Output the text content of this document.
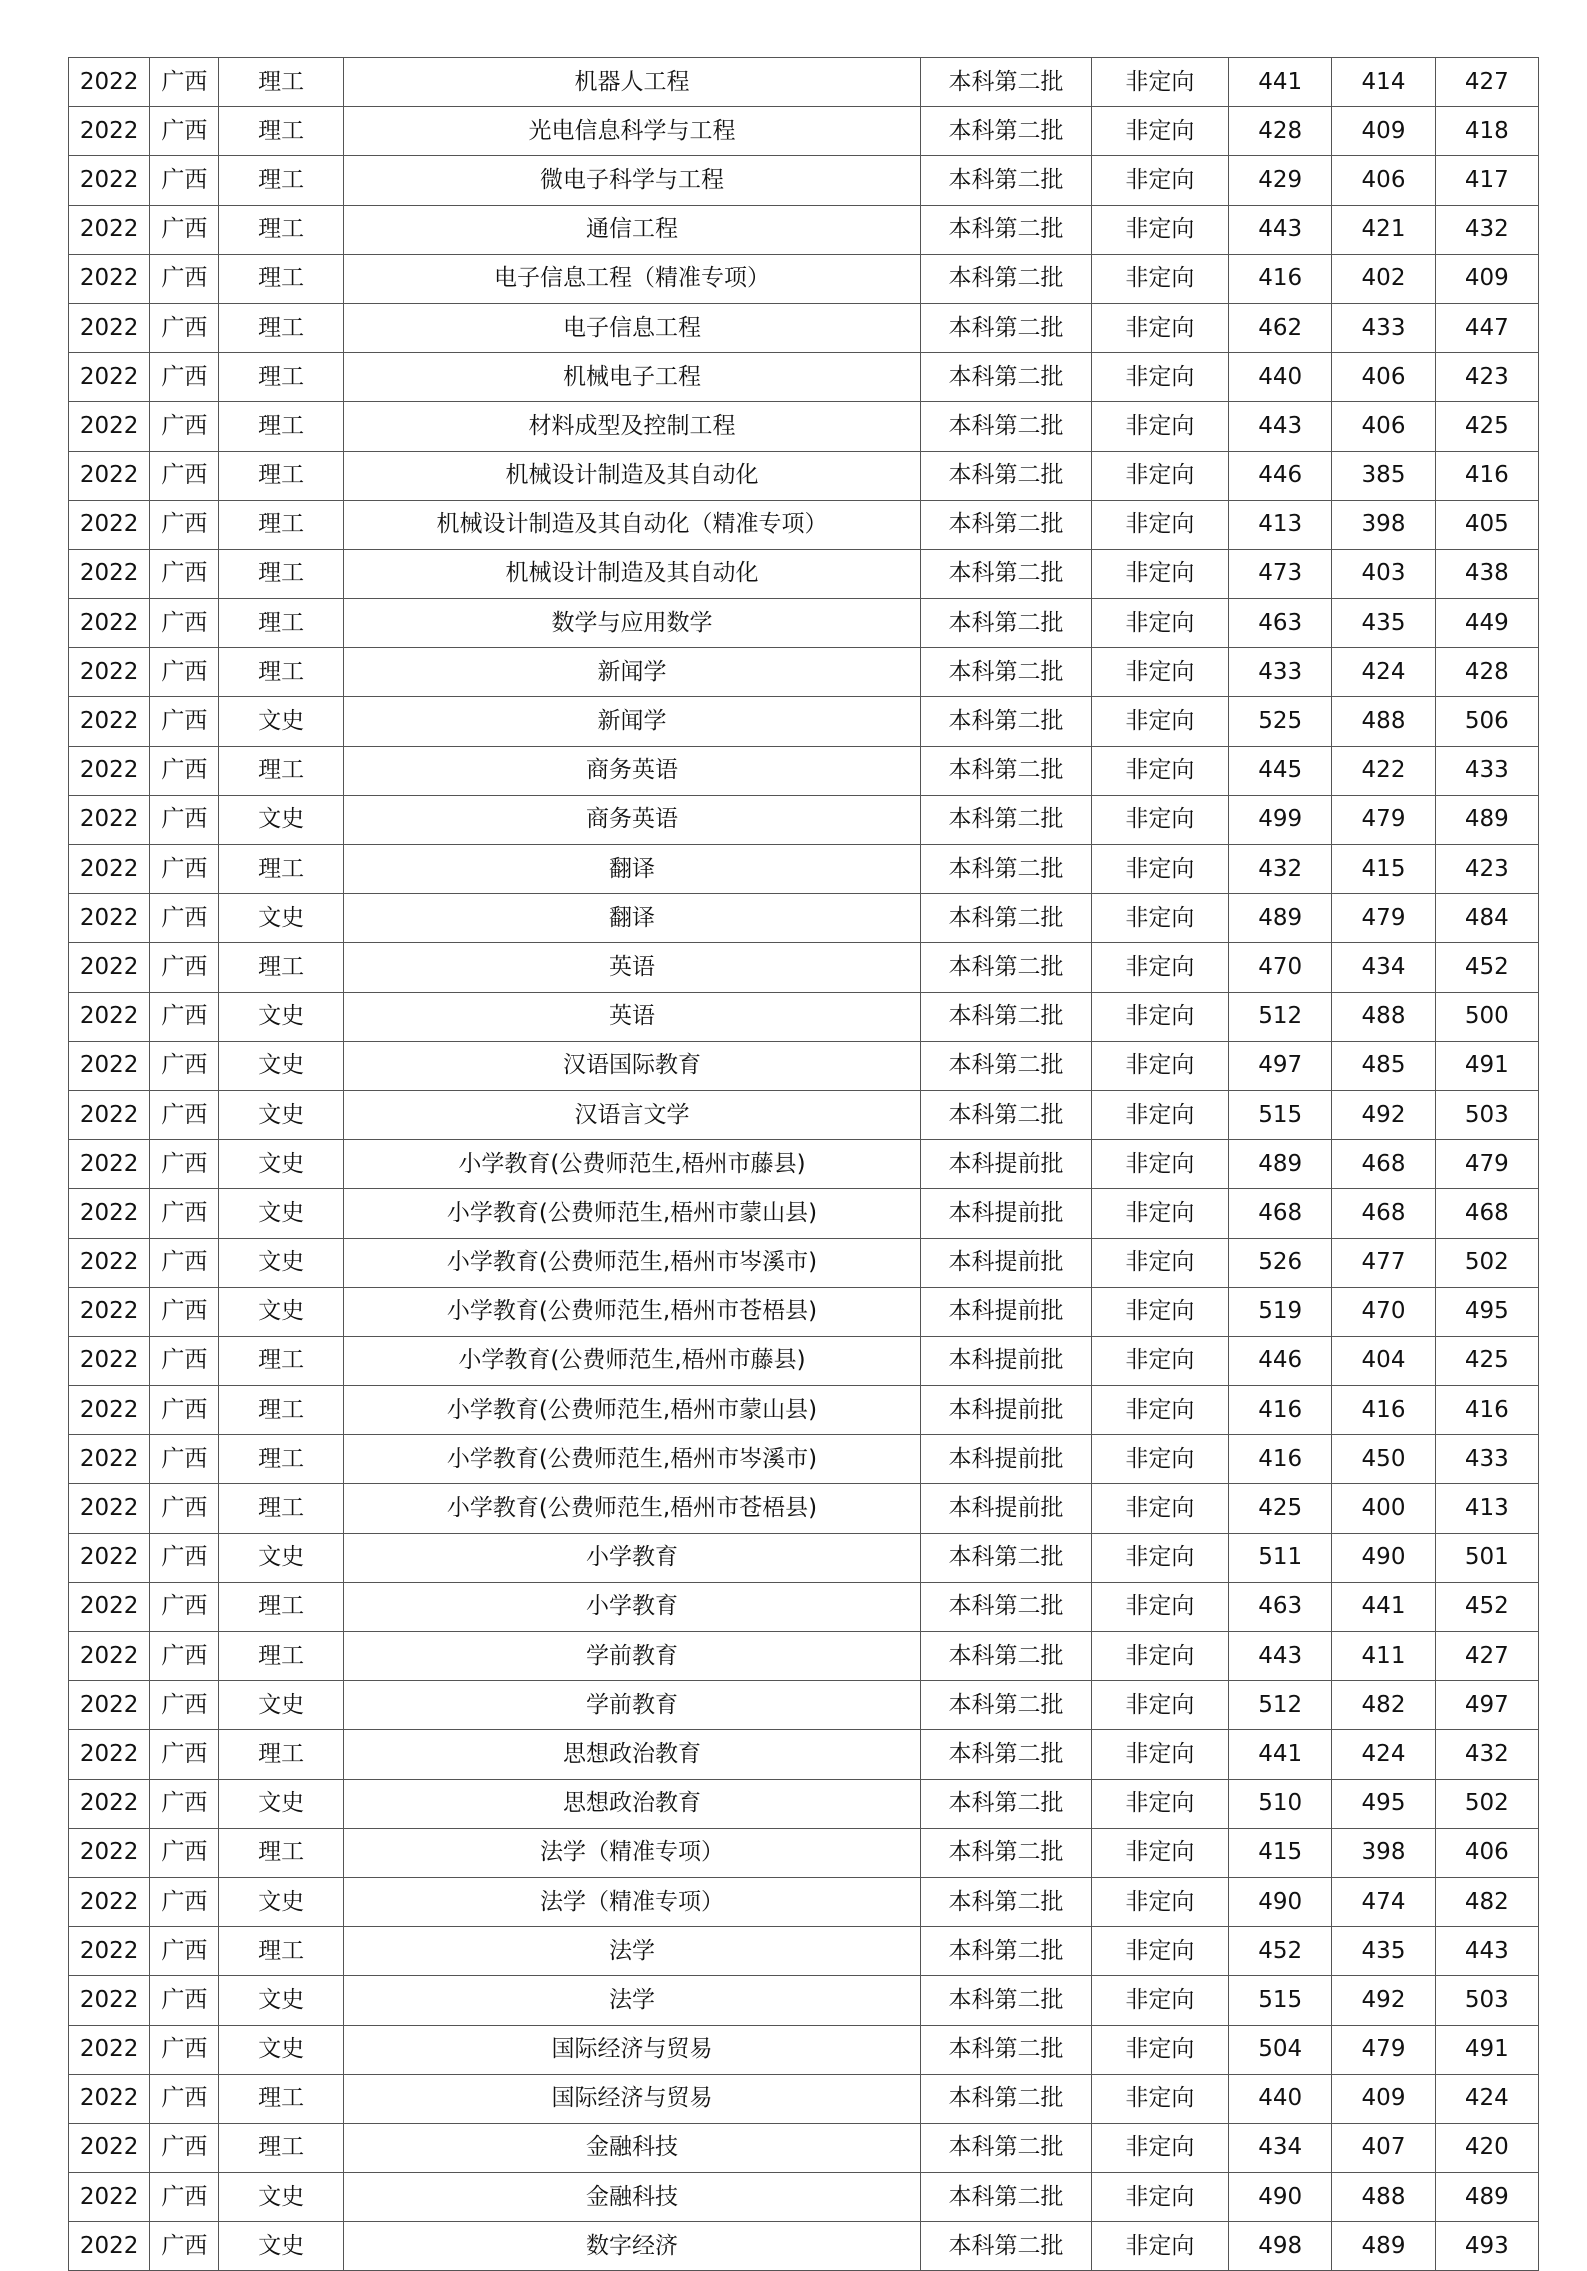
2022	广西	理工	机器人工程	本科第二批	非定向	441	414	427
2022	广西	理工	光电信息科学与工程	本科第二批	非定向	428	409	418
2022	广西	理工	微电子科学与工程	本科第二批	非定向	429	406	417
2022	广西	理工	通信工程	本科第二批	非定向	443	421	432
2022	广西	理工	电子信息工程（精准专项）	本科第二批	非定向	416	402	409
2022	广西	理工	电子信息工程	本科第二批	非定向	462	433	447
2022	广西	理工	机械电子工程	本科第二批	非定向	440	406	423
2022	广西	理工	材料成型及控制工程	本科第二批	非定向	443	406	425
2022	广西	理工	机械设计制造及其自动化	本科第二批	非定向	446	385	416
2022	广西	理工	机械设计制造及其自动化（精准专项）	本科第二批	非定向	413	398	405
2022	广西	理工	机械设计制造及其自动化	本科第二批	非定向	473	403	438
2022	广西	理工	数学与应用数学	本科第二批	非定向	463	435	449
2022	广西	理工	新闻学	本科第二批	非定向	433	424	428
2022	广西	文史	新闻学	本科第二批	非定向	525	488	506
2022	广西	理工	商务英语	本科第二批	非定向	445	422	433
2022	广西	文史	商务英语	本科第二批	非定向	499	479	489
2022	广西	理工	翻译	本科第二批	非定向	432	415	423
2022	广西	文史	翻译	本科第二批	非定向	489	479	484
2022	广西	理工	英语	本科第二批	非定向	470	434	452
2022	广西	文史	英语	本科第二批	非定向	512	488	500
2022	广西	文史	汉语国际教育	本科第二批	非定向	497	485	491
2022	广西	文史	汉语言文学	本科第二批	非定向	515	492	503
2022	广西	文史	小学教育(公费师范生,梧州市藤县)	本科提前批	非定向	489	468	479
2022	广西	文史	小学教育(公费师范生,梧州市蒙山县)	本科提前批	非定向	468	468	468
2022	广西	文史	小学教育(公费师范生,梧州市岑溪市)	本科提前批	非定向	526	477	502
2022	广西	文史	小学教育(公费师范生,梧州市苍梧县)	本科提前批	非定向	519	470	495
2022	广西	理工	小学教育(公费师范生,梧州市藤县)	本科提前批	非定向	446	404	425
2022	广西	理工	小学教育(公费师范生,梧州市蒙山县)	本科提前批	非定向	416	416	416
2022	广西	理工	小学教育(公费师范生,梧州市岑溪市)	本科提前批	非定向	416	450	433
2022	广西	理工	小学教育(公费师范生,梧州市苍梧县)	本科提前批	非定向	425	400	413
2022	广西	文史	小学教育	本科第二批	非定向	511	490	501
2022	广西	理工	小学教育	本科第二批	非定向	463	441	452
2022	广西	理工	学前教育	本科第二批	非定向	443	411	427
2022	广西	文史	学前教育	本科第二批	非定向	512	482	497
2022	广西	理工	思想政治教育	本科第二批	非定向	441	424	432
2022	广西	文史	思想政治教育	本科第二批	非定向	510	495	502
2022	广西	理工	法学（精准专项）	本科第二批	非定向	415	398	406
2022	广西	文史	法学（精准专项）	本科第二批	非定向	490	474	482
2022	广西	理工	法学	本科第二批	非定向	452	435	443
2022	广西	文史	法学	本科第二批	非定向	515	492	503
2022	广西	文史	国际经济与贸易	本科第二批	非定向	504	479	491
2022	广西	理工	国际经济与贸易	本科第二批	非定向	440	409	424
2022	广西	理工	金融科技	本科第二批	非定向	434	407	420
2022	广西	文史	金融科技	本科第二批	非定向	490	488	489
2022	广西	文史	数字经济	本科第二批	非定向	498	489	493
